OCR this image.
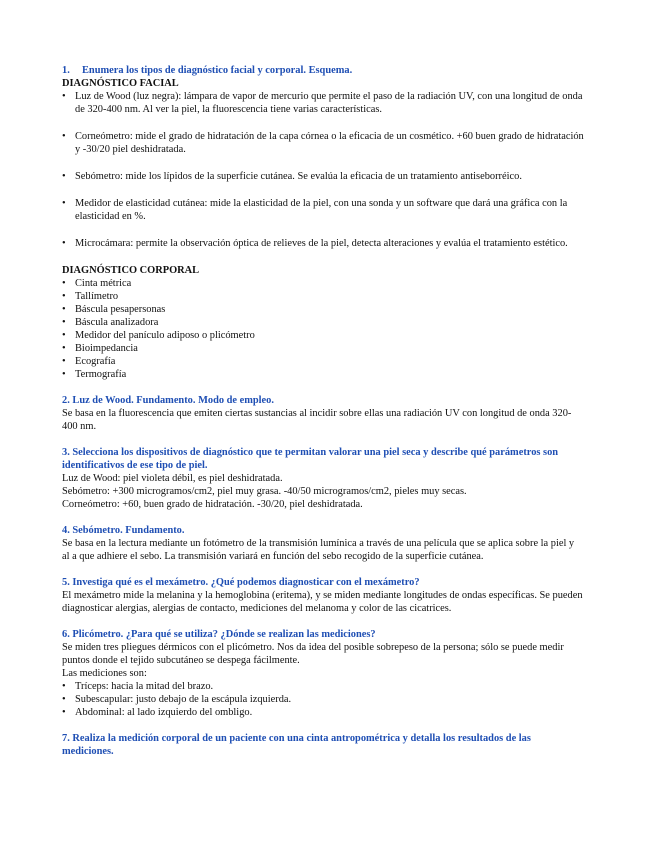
1. Enumera los tipos de diagnóstico facial y corporal. Esquema.

DIAGNÓSTICO FACIAL

• Luz de Wood (luz negra): lámpara de vapor de mercurio que permite el paso de la radiación UV, con una longitud de onda de 320-400 nm. Al ver la piel, la fluorescencia tiene varias características.
• Corneómetro: mide el grado de hidratación de la capa córnea o la eficacia de un cosmético. +60 buen grado de hidratación y -30/20 piel deshidratada.
• Sebómetro: mide los lípidos de la superficie cutánea. Se evalúa la eficacia de un tratamiento antiseborréico.
• Medidor de elasticidad cutánea: mide la elasticidad de la piel, con una sonda y un software que dará una gráfica con la elasticidad en %.
• Microcámara: permite la observación óptica de relieves de la piel, detecta alteraciones y evalúa el tratamiento estético.

DIAGNÓSTICO CORPORAL

• Cinta métrica
• Tallímetro
• Báscula pesapersonas
• Báscula analizadora
• Medidor del panículo adiposo o plicómetro
• Bioimpedancia
• Ecografía
• Termografía

2. Luz de Wood. Fundamento. Modo de empleo.

Se basa en la fluorescencia que emiten ciertas sustancias al incidir sobre ellas una radiación UV con longitud de onda 320-400 nm.

3. Selecciona los dispositivos de diagnóstico que te permitan valorar una piel seca y describe qué parámetros son identificativos de ese tipo de piel.

Luz de Wood: piel violeta débil, es piel deshidratada.

Sebómetro: +300 microgramos/cm2, piel muy grasa. -40/50 microgramos/cm2, pieles muy secas.

Corneómetro: +60, buen grado de hidratación. -30/20, piel deshidratada.

4. Sebómetro. Fundamento.

Se basa en la lectura mediante un fotómetro de la transmisión lumínica a través de una película que se aplica sobre la piel y al a que adhiere el sebo. La transmisión variará en función del sebo recogido de la superficie cutánea.

5. Investiga qué es el mexámetro. ¿Qué podemos diagnosticar con el mexámetro?

El mexámetro mide la melanina y la hemoglobina (eritema), y se miden mediante longitudes de ondas específicas. Se pueden diagnosticar alergias, alergias de contacto, mediciones del melanoma y color de las cicatrices.

6. Plicómetro. ¿Para qué se utiliza? ¿Dónde se realizan las mediciones?

Se miden tres pliegues dérmicos con el plicómetro. Nos da idea del posible sobrepeso de la persona; sólo se puede medir puntos donde el tejido subcutáneo se despega fácilmente.

Las mediciones son:

• Tríceps: hacia la mitad del brazo.
• Subescapular: justo debajo de la escápula izquierda.
• Abdominal: al lado izquierdo del ombligo.

7. Realiza la medición corporal de un paciente con una cinta antropométrica y detalla los resultados de las mediciones.
